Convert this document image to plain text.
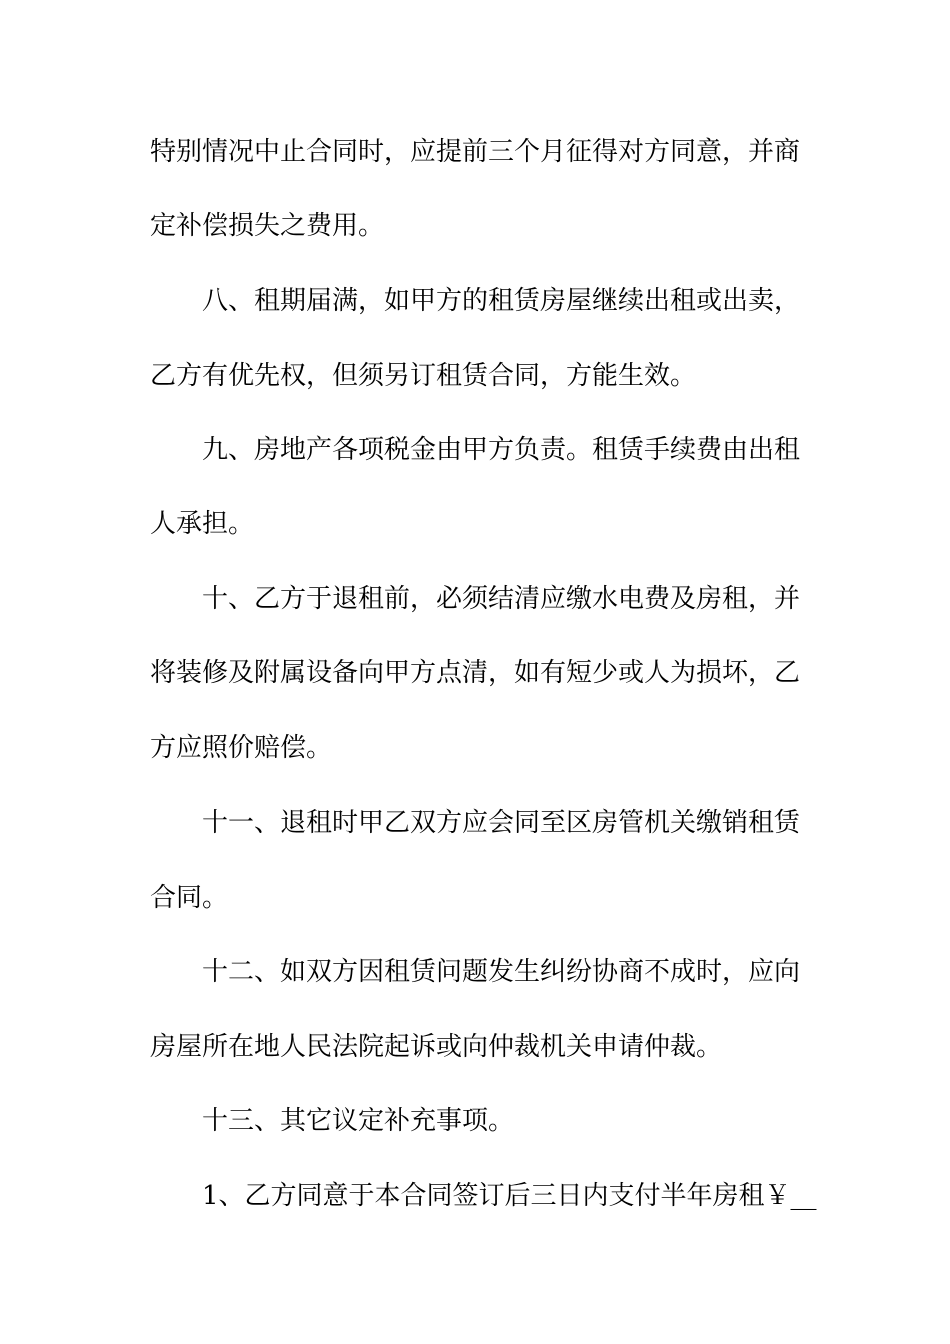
特别情况中止合同时，应提前三个月征得对方同意，并商
定补偿损失之费用。
八、租期届满，如甲方的租赁房屋继续出租或出卖，
乙方有优先权，但须另订租赁合同，方能生效。
九、房地产各项税金由甲方负责。租赁手续费由出租
人承担。
十、乙方于退租前，必须结清应缴水电费及房租，并
将装修及附属设备向甲方点清，如有短少或人为损坏，乙
方应照价赔偿。
十一、退租时甲乙双方应会同至区房管机关缴销租赁
合同。
十二、如双方因租赁问题发生纠纷协商不成时，应向
房屋所在地人民法院起诉或向仲裁机关申请仲裁。
十三、其它议定补充事项。
1、乙方同意于本合同签订后三日内支付半年房租￥__
